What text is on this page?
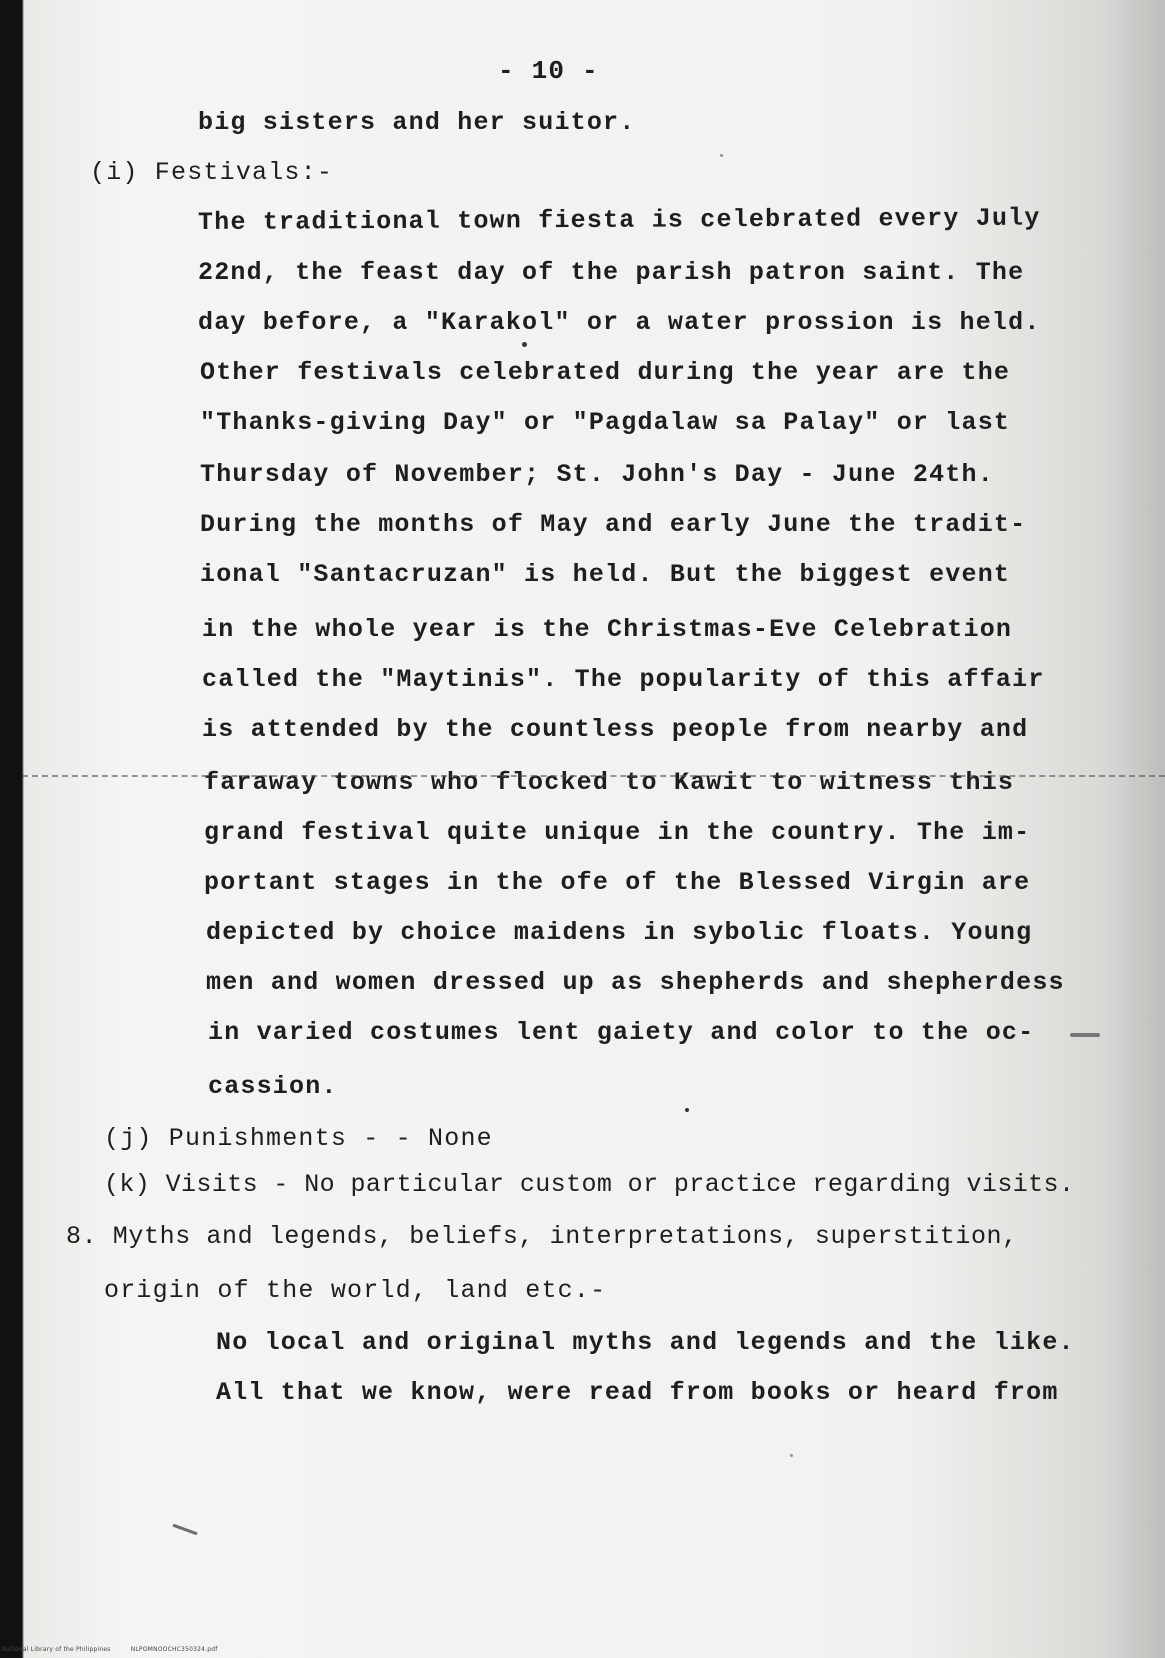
- 10 -
big sisters and her suitor.
(i) Festivals:-
The traditional town fiesta is celebrated every July
22nd, the feast day of the parish patron saint. The
day before, a "Karakol" or a water prossion is held.
Other festivals celebrated during the year are the
"Thanks-giving Day" or "Pagdalaw sa Palay" or last
Thursday of November; St. John's Day - June 24th.
During the months of May and early June the tradit-
ional "Santacruzan" is held. But the biggest event
in the whole year is the Christmas-Eve Celebration
called the "Maytinis". The popularity of this affair
is attended by the countless people from nearby and
faraway towns who flocked to Kawit to witness this
grand festival quite unique in the country. The im-
portant stages in the ofe of the Blessed Virgin are
depicted by choice maidens in sybolic floats. Young
men and women dressed up as shepherds and shepherdess
in varied costumes lent gaiety and color to the oc-
cassion.
(j) Punishments - - None
(k) Visits - No particular custom or practice regarding visits.
8. Myths and legends, beliefs, interpretations, superstition,
origin of the world, land etc.-
No local and original myths and legends and the like.
All that we know, were read from books or heard from
National Library of the Philippines	NLPOMNOOCHC350324.pdf
